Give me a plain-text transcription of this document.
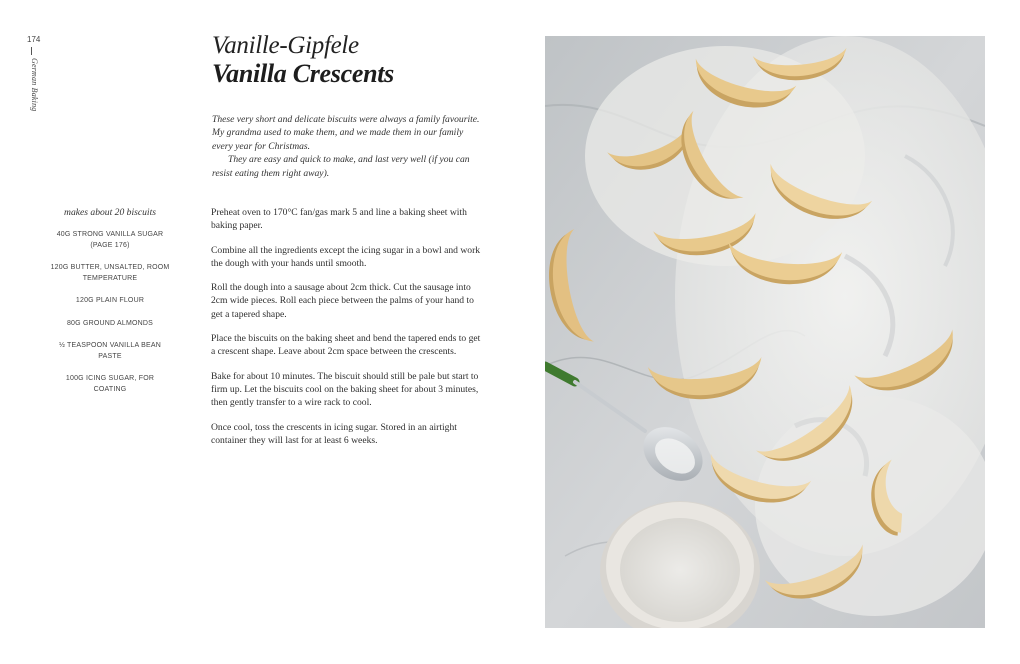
174
German Baking
Vanille-Gipfele
Vanilla Crescents

These very short and delicate biscuits were always a family favourite. My grandma used to make them, and we made them in our family every year for Christmas.

They are easy and quick to make, and last very well (if you can resist eating them right away).

makes about 20 biscuits
40G STRONG VANILLA SUGAR (PAGE 176)
120G BUTTER, UNSALTED, ROOM TEMPERATURE
120G PLAIN FLOUR
80G GROUND ALMONDS
½ TEASPOON VANILLA BEAN PASTE
100G ICING SUGAR, FOR COATING

Preheat oven to 170°C fan/gas mark 5 and line a baking sheet with baking paper.

Combine all the ingredients except the icing sugar in a bowl and work the dough with your hands until smooth.

Roll the dough into a sausage about 2cm thick. Cut the sausage into 2cm wide pieces. Roll each piece between the palms of your hand to get a tapered shape.

Place the biscuits on the baking sheet and bend the tapered ends to get a crescent shape. Leave about 2cm space between the crescents.

Bake for about 10 minutes. The biscuit should still be pale but start to firm up. Let the biscuits cool on the baking sheet for about 3 minutes, then gently transfer to a wire rack to cool.

Once cool, toss the crescents in icing sugar. Stored in an airtight container they will last for at least 6 weeks.
